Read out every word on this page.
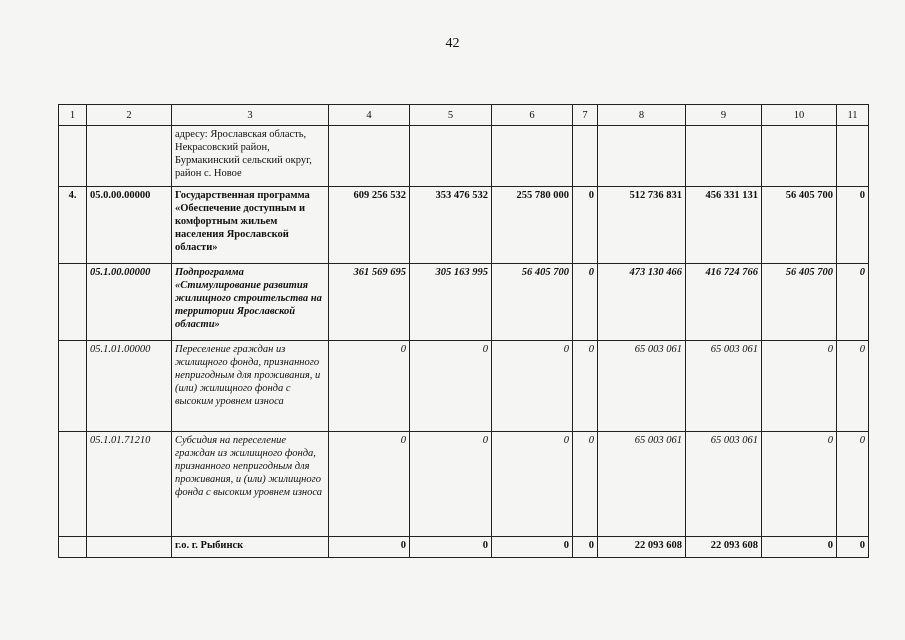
42
1	2	3	4	5	6	7	8	9	10	11
		адресу: Ярославская область, Некрасовский район, Бурмакинский сельский округ, район с. Новое								
4.	05.0.00.00000	Государственная программа «Обеспечение доступным и комфортным жильем населения Ярославской области»	609 256 532	353 476 532	255 780 000	0	512 736 831	456 331 131	56 405 700	0
	05.1.00.00000	Подпрограмма «Стимулирование развития жилищного строительства на территории Ярославской области»	361 569 695	305 163 995	56 405 700	0	473 130 466	416 724 766	56 405 700	0
	05.1.01.00000	Переселение граждан из жилищного фонда, признанного непригодным для проживания, и (или) жилищного фонда с высоким уровнем износа	0	0	0	0	65 003 061	65 003 061	0	0
	05.1.01.71210	Субсидия на переселение граждан из жилищного фонда, признанного непригодным для проживания, и (или) жилищного фонда с высоким уровнем износа	0	0	0	0	65 003 061	65 003 061	0	0
		г.о. г. Рыбинск	0	0	0	0	22 093 608	22 093 608	0	0
